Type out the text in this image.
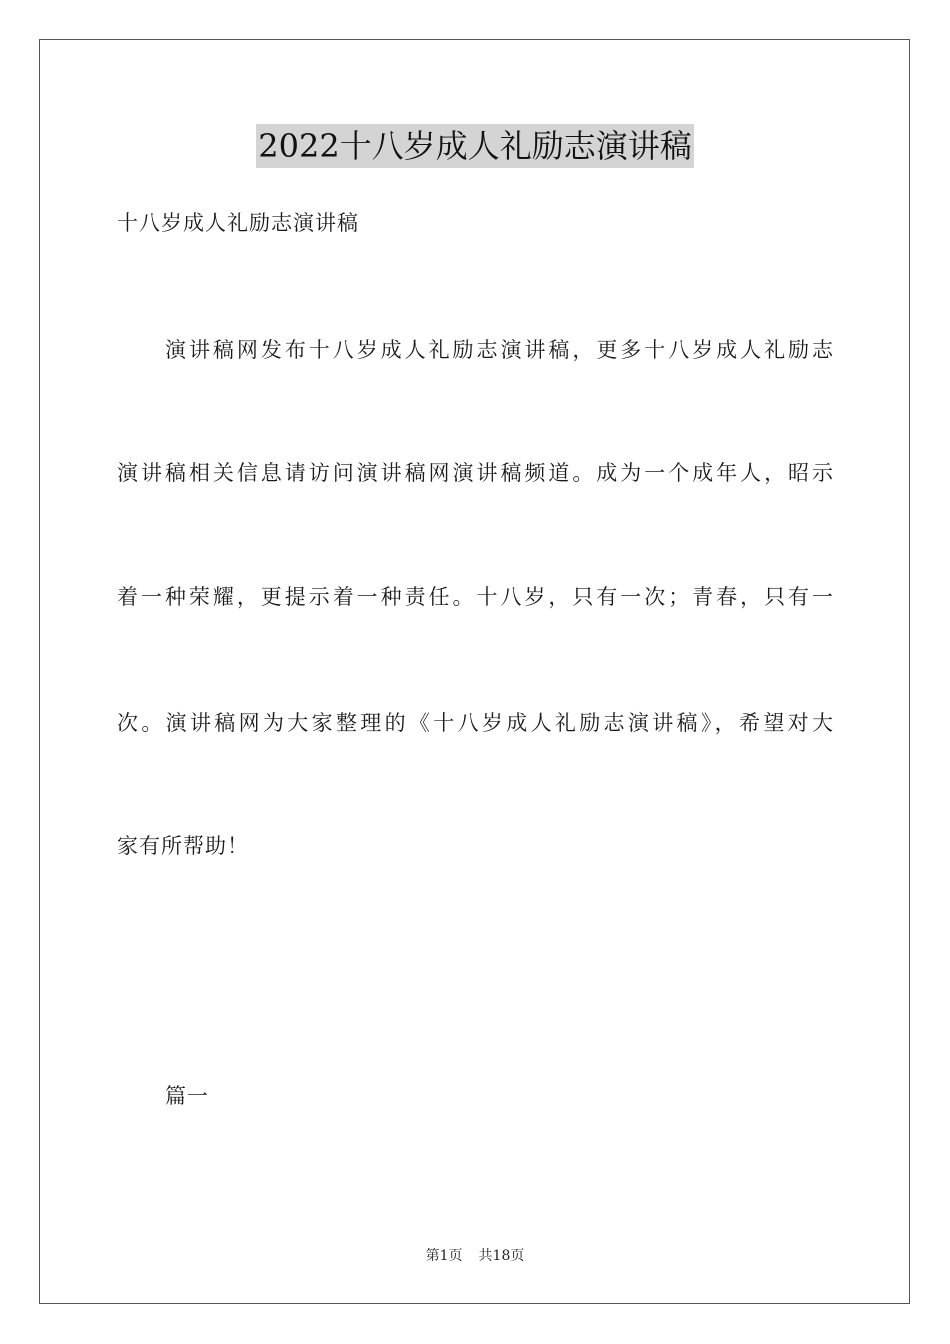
2022十八岁成人礼励志演讲稿
十八岁成人礼励志演讲稿
演讲稿网发布十八岁成人礼励志演讲稿，更多十八岁成人礼励志
演讲稿相关信息请访问演讲稿网演讲稿频道。成为一个成年人，昭示
着一种荣耀，更提示着一种责任。十八岁，只有一次；青春，只有一
次。演讲稿网为大家整理的《十八岁成人礼励志演讲稿》，希望对大
家有所帮助！
篇一
第1页 共18页
